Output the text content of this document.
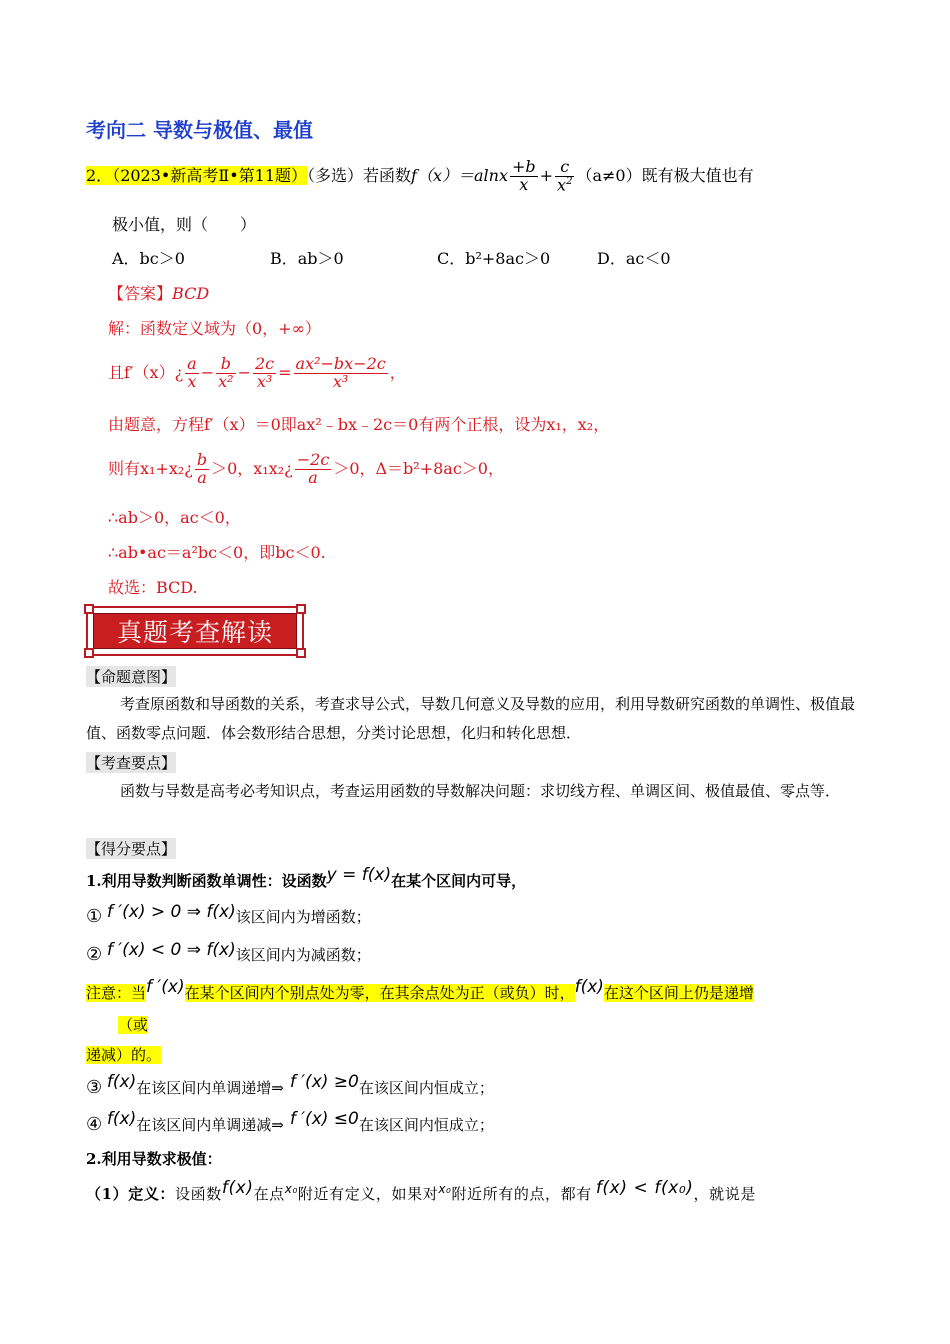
考向二 导数与极值、最值
2．（2023•新高考Ⅱ•第11题）（多选）若函数$f(x)=alnx \frac{+b}{x} + \frac{c}{x^2} (a\ne 0)$既有极大值也有
极小值，则（　　）
A．bc＞0	B．ab＞0	C．b²+8ac＞0	D．ac＜0
【答案】BCD
解：函数定义域为（0，+∞）
且f′（x）¿ $\frac{a}{x} - \frac{b}{\text{x²}} - \frac{2c}{\text{x³}} = \frac{\text{ax²−bx−2c}}{\text{x³}}$ ，
由题意，方程f′（x）＝0即ax²﹣bx﹣2c＝0有两个正根，设为x₁，x₂，
则有x₁+x₂¿ $\frac{b}{a} >0$，x₁x₂¿ $\frac{-2c}{a} >0$，Δ＝b²+8ac＞0，
∴ab＞0，ac＜0，
∴ab•ac＝a²bc＜0，即bc＜0.
故选：BCD.
真题考查解读
【命题意图】
考查原函数和导函数的关系，考查求导公式，导数几何意义及导数的应用，利用导数研究函数的单调性、极值最值、函数零点问题．体会数形结合思想，分类讨论思想，化归和转化思想．
【考查要点】
函数与导数是高考必考知识点，考查运用函数的导数解决问题：求切线方程、单调区间、极值最值、零点等．
【得分要点】
1.利用导数判断函数单调性：设函数y = f(x)在某个区间内可导，
① f ′(x) > 0 ⇒ f(x)该区间内为增函数；
② f ′(x) < 0 ⇒ f(x)该区间内为减函数；
注意：当f ′(x)在某个区间内个别点处为零，在其余点处为正（或负）时，f(x)在这个区间上仍是递增
（或
递减）的。
③ f(x)在该区间内单调递增⇒ f ′(x) ≥0在该区间内恒成立；
④ f(x)在该区间内单调递减⇒ f ′(x) ≤0在该区间内恒成立；
2.利用导数求极值：
（1）定义：设函数f(x)在点$^{x_0}$附近有定义，如果对$^{x_0}$附近所有的点，都有 f(x) < f(x₀)，就说是
